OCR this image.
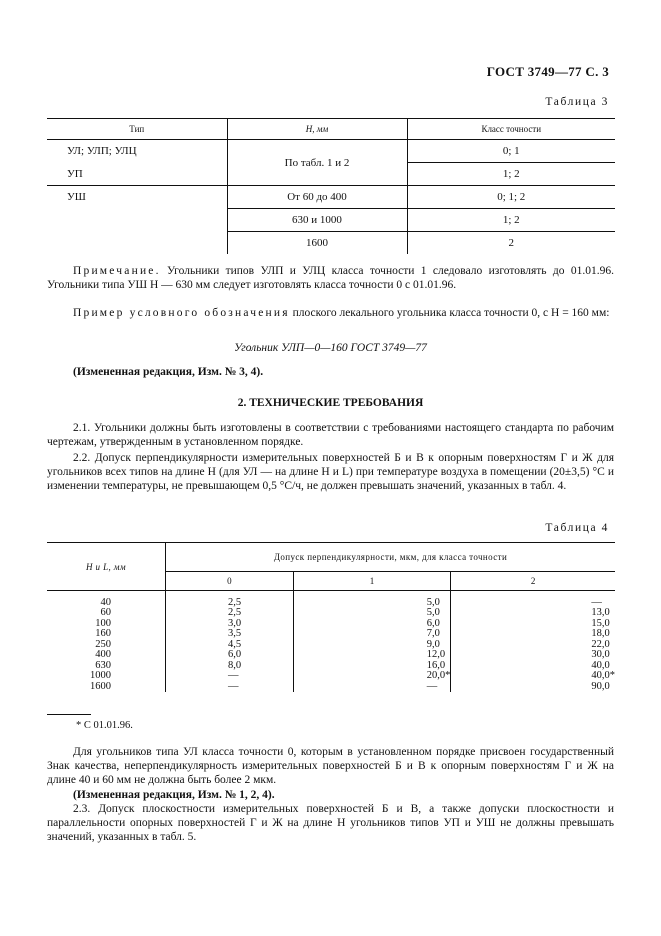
ГОСТ 3749—77 С. 3
Таблица 3
Тип	Н, мм	Класс точности
УЛ; УЛП; УЛЦ	По табл. 1 и 2	0; 1
УП		1; 2
УШ	От 60 до 400	0; 1; 2
	630 и 1000	1; 2
	1600	2
Примечание. Угольники типов УЛП и УЛЦ класса точности 1 следовало изготовлять до 01.01.96. Угольники типа УШ Н — 630 мм следует изготовлять класса точности 0 с 01.01.96.
Пример условного обозначения плоского лекального угольника класса точности 0, с Н = 160 мм:
Угольник УЛП—0—160 ГОСТ 3749—77
(Измененная редакция, Изм. № 3, 4).
2. ТЕХНИЧЕСКИЕ ТРЕБОВАНИЯ
2.1. Угольники должны быть изготовлены в соответствии с требованиями настоящего стандарта по рабочим чертежам, утвержденным в установленном порядке.
2.2. Допуск перпендикулярности измерительных поверхностей Б и В к опорным поверхностям Г и Ж для угольников всех типов на длине Н (для УЛ — на длине Н и L) при температуре воздуха в помещении (20±3,5) °С и изменении температуры, не превышающем 0,5 °С/ч, не должен превышать значений, указанных в табл. 4.
Таблица 4
Н и L, мм	Допуск перпендикулярности, мкм, для класса точности		
	0	1	2

40	2,5	5,0	—
60	2,5	5,0	13,0
100	3,0	6,0	15,0
160	3,5	7,0	18,0
250	4,5	9,0	22,0
400	6,0	12,0	30,0
630	8,0	16,0	40,0
1000	—	20,0*	40,0*
1600	—	—	90,0
* С 01.01.96.
Для угольников типа УЛ класса точности 0, которым в установленном порядке присвоен государственный Знак качества, неперпендикулярность измерительных поверхностей Б и В к опорным поверхностям Г и Ж на длине 40 и 60 мм не должна быть более 2 мкм.
(Измененная редакция, Изм. № 1, 2, 4).
2.3. Допуск плоскостности измерительных поверхностей Б и В, а также допуски плоскостности и параллельности опорных поверхностей Г и Ж на длине Н угольников типов УП и УШ не должны превышать значений, указанных в табл. 5.
